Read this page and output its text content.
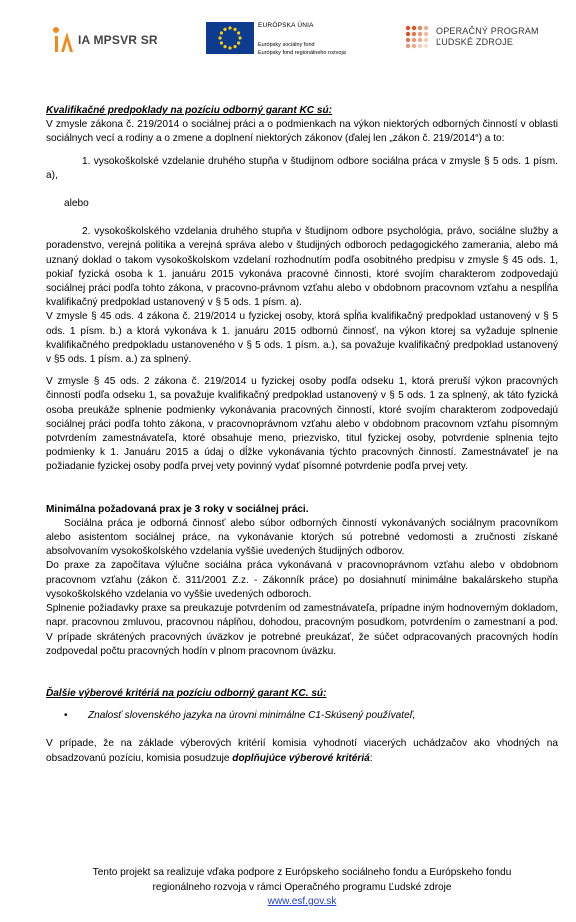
IA MPSVR SR
EURÓPSKA ÚNIA
Európsky sociálny fond
Európsky fond regionálneho rozvoja
OPERAČNÝ PROGRAM
ĽUDSKÉ ZDROJE

Kvalifikačné predpoklady na pozíciu odborný garant KC sú:

V zmysle zákona č. 219/2014 o sociálnej práci a o podmienkach na výkon niektorých odborných činností v oblasti sociálnych vecí a rodiny a o zmene a doplnení niektorých zákonov (ďalej len „zákon č. 219/2014“) a to:

1. vysokoškolské vzdelanie druhého stupňa v študijnom odbore sociálna práca v zmysle § 5 ods. 1 písm. a),

alebo

2. vysokoškolského vzdelania druhého stupňa v študijnom odbore psychológia, právo, sociálne služby a poradenstvo, verejná politika a verejná správa alebo v študijných odboroch pedagogického zamerania, alebo má uznaný doklad o takom vysokoškolskom vzdelaní rozhodnutím podľa osobitného predpisu v zmysle § 45 ods. 1, pokiaľ fyzická osoba k 1. januáru 2015 vykonáva pracovné činnosti, ktoré svojím charakterom zodpovedajú sociálnej práci podľa tohto zákona, v pracovno-právnom vzťahu alebo v obdobnom pracovnom vzťahu a nesplĺňa kvalifikačný predpoklad ustanovený v § 5 ods. 1 písm. a).

V zmysle § 45 ods. 4 zákona č. 219/2014 u fyzickej osoby, ktorá spĺňa kvalifikačný predpoklad ustanovený v § 5 ods. 1 písm. b.) a ktorá vykonáva k 1. januáru 2015 odbornú činnosť, na výkon ktorej sa vyžaduje splnenie kvalifikačného predpokladu ustanoveného v § 5 ods. 1 písm. a.), sa považuje kvalifikačný predpoklad ustanovený v §5 ods. 1 písm. a.) za splnený.

V zmysle § 45 ods. 2 zákona č. 219/2014 u fyzickej osoby podľa odseku 1, ktorá preruší výkon pracovných činností podľa odseku 1, sa považuje kvalifikačný predpoklad ustanovený v § 5 ods. 1 za splnený, ak táto fyzická osoba preukáže splnenie podmienky vykonávania pracovných činností, ktoré svojím charakterom zodpovedajú sociálnej práci podľa tohto zákona, v pracovnoprávnom vzťahu alebo v obdobnom pracovnom vzťahu písomným potvrdením zamestnávateľa, ktoré obsahuje meno, priezvisko, titul fyzickej osoby, potvrdenie splnenia tejto podmienky k 1. Januáru 2015 a údaj o dĺžke vykonávania týchto pracovných činností. Zamestnávateľ je na požiadanie fyzickej osoby podľa prvej vety povinný vydať písomné potvrdenie podľa prvej vety.

Minimálna požadovaná prax je 3 roky v sociálnej práci.

Sociálna práca je odborná činnosť alebo súbor odborných činností vykonávaných sociálnym pracovníkom alebo asistentom sociálnej práce, na vykonávanie ktorých sú potrebné vedomosti a zručnosti získané absolvovaním vysokoškolského vzdelania vyššie uvedených študijných odborov.

Do praxe za započítava výlučne sociálna práca vykonávaná v pracovnoprávnom vzťahu alebo v obdobnom pracovnom vzťahu (zákon č. 311/2001 Z.z. - Zákonník práce) po dosiahnutí minimálne bakalárskeho stupňa vysokoškolského vzdelania vo vyššie uvedených odboroch.

Splnenie požiadavky praxe sa preukazuje potvrdením od zamestnávateľa, prípadne iným hodnoverným dokladom, napr. pracovnou zmluvou, pracovnou náplňou, dohodou, pracovným posudkom, potvrdením o zamestnaní a pod. V prípade skrátených pracovných úväzkov je potrebné preukázať, že súčet odpracovaných pracovných hodín zodpovedal počtu pracovných hodín v plnom pracovnom úväzku.

Ďalšie výberové kritériá na pozíciu odborný garant KC. sú:

•	Znalosť slovenského jazyka na úrovni minimálne C1-Skúsený používateľ,

V prípade, že na základe výberových kritérií komisia vyhodnotí viacerých uchádzačov ako vhodných na obsadzovanú pozíciu, komisia posudzuje doplňujúce výberové kritériá:

Tento projekt sa realizuje vďaka podpore z Európskeho sociálneho fondu a Európskeho fondu
regionálneho rozvoja v rámci Operačného programu Ľudské zdroje
www.esf.gov.sk
